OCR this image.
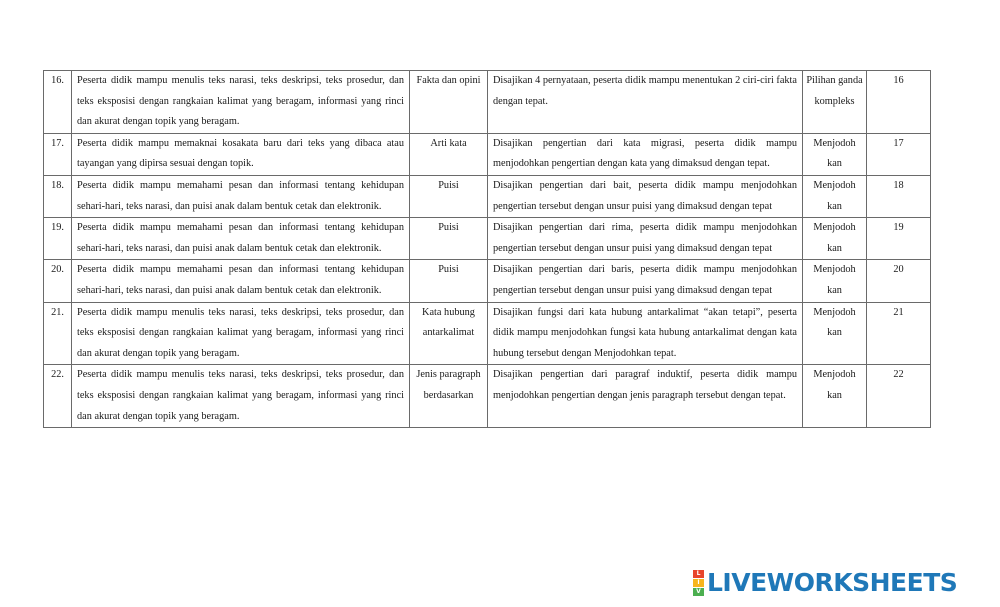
16.	Peserta didik mampu menulis teks narasi, teks deskripsi, teks prosedur, dan teks eksposisi dengan rangkaian kalimat yang beragam, informasi yang rinci dan akurat dengan topik yang beragam.	Fakta dan opini	Disajikan 4 pernyataan, peserta didik mampu menentukan 2 ciri-ciri fakta dengan tepat.	Pilihan ganda kompleks	16
17.	Peserta didik mampu memaknai kosakata baru dari teks yang dibaca atau tayangan yang dipirsa sesuai dengan topik.	Arti kata	Disajikan pengertian dari kata migrasi, peserta didik mampu menjodohkan pengertian dengan kata yang dimaksud dengan tepat.	Menjodoh kan	17
18.	Peserta didik mampu memahami pesan dan informasi tentang kehidupan sehari-hari, teks narasi, dan puisi anak dalam bentuk cetak dan elektronik.	Puisi	Disajikan pengertian dari bait, peserta didik mampu menjodohkan pengertian tersebut dengan unsur puisi yang dimaksud dengan tepat	Menjodoh kan	18
19.	Peserta didik mampu memahami pesan dan informasi tentang kehidupan sehari-hari, teks narasi, dan puisi anak dalam bentuk cetak dan elektronik.	Puisi	Disajikan pengertian dari rima, peserta didik mampu menjodohkan pengertian tersebut dengan unsur puisi yang dimaksud dengan tepat	Menjodoh kan	19
20.	Peserta didik mampu memahami pesan dan informasi tentang kehidupan sehari-hari, teks narasi, dan puisi anak dalam bentuk cetak dan elektronik.	Puisi	Disajikan pengertian dari baris, peserta didik mampu menjodohkan pengertian tersebut dengan unsur puisi yang dimaksud dengan tepat	Menjodoh kan	20
21.	Peserta didik mampu menulis teks narasi, teks deskripsi, teks prosedur, dan teks eksposisi dengan rangkaian kalimat yang beragam, informasi yang rinci dan akurat dengan topik yang beragam.	Kata hubung antarkalimat	Disajikan fungsi dari kata hubung antarkalimat “akan tetapi”, peserta didik mampu menjodohkan fungsi kata hubung antarkalimat dengan kata hubung tersebut dengan Menjodohkan tepat.	Menjodoh kan	21
22.	Peserta didik mampu menulis teks narasi, teks deskripsi, teks prosedur, dan teks eksposisi dengan rangkaian kalimat yang beragam, informasi yang rinci dan akurat dengan topik yang beragam.	Jenis paragraph berdasarkan	Disajikan pengertian dari paragraf induktif, peserta didik mampu menjodohkan pengertian dengan jenis paragraph tersebut dengan tepat.	Menjodoh kan	22
L
I
V LIVEWORKSHEETS
